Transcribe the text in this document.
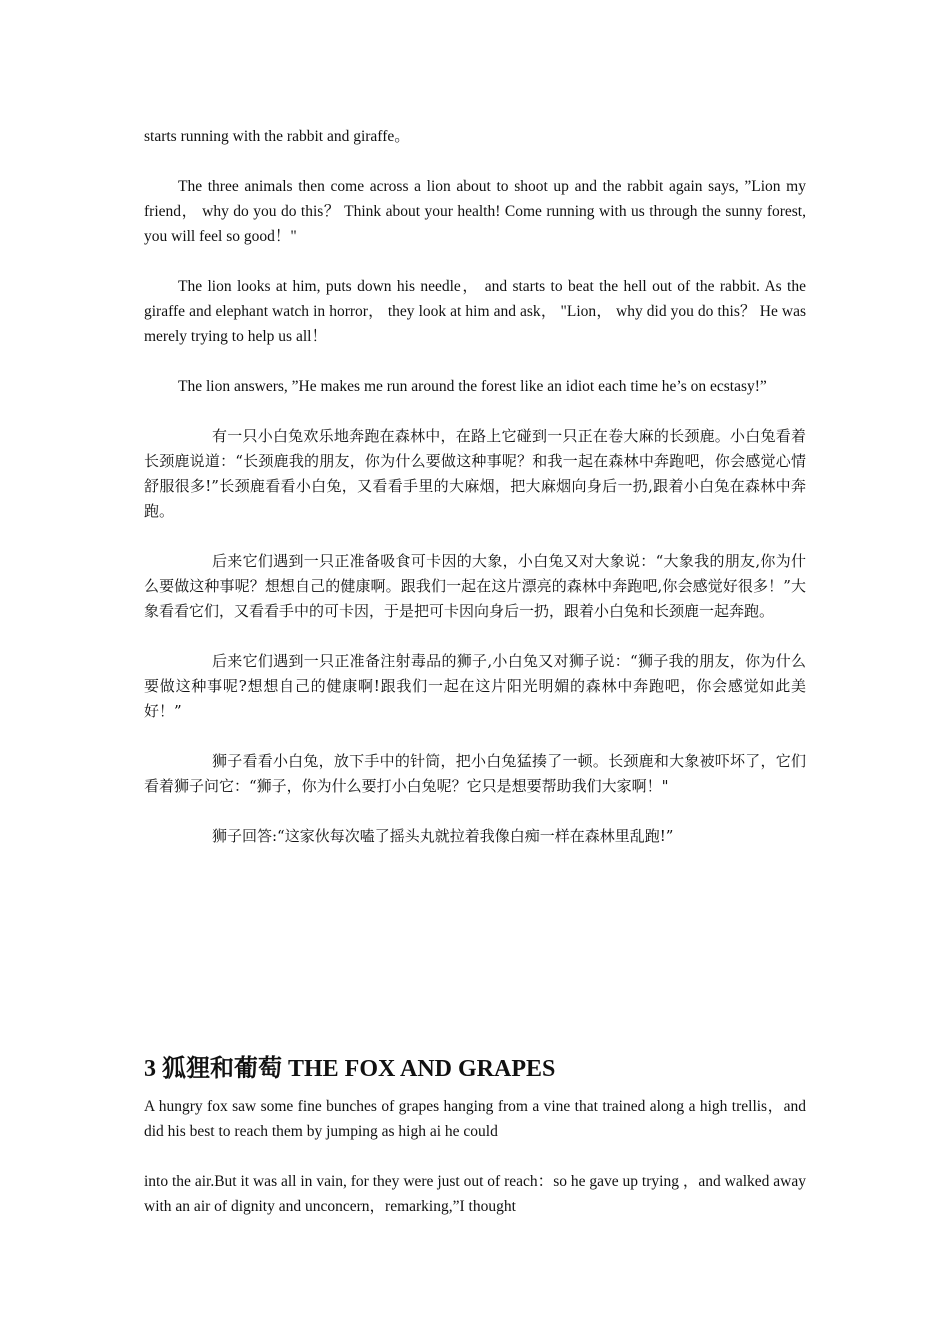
starts running with the rabbit and giraffe。

The three animals then come across a lion about to shoot up and the rabbit again says, ”Lion my friend， why do you do this？ Think about your health! Come running with us through the sunny forest, you will feel so good！"

The lion looks at him, puts down his needle， and starts to beat the hell out of the rabbit. As the giraffe and elephant watch in horror， they look at him and ask， "Lion， why did you do this？ He was merely trying to help us all！

The lion answers, ”He makes me run around the forest like an idiot each time he’s on ecstasy!”

有一只小白兔欢乐地奔跑在森林中，在路上它碰到一只正在卷大麻的长颈鹿。小白兔看着长颈鹿说道：“长颈鹿我的朋友，你为什么要做这种事呢？和我一起在森林中奔跑吧，你会感觉心情舒服很多!”长颈鹿看看小白兔，又看看手里的大麻烟，把大麻烟向身后一扔,跟着小白兔在森林中奔跑。

后来它们遇到一只正准备吸食可卡因的大象，小白兔又对大象说：“大象我的朋友,你为什么要做这种事呢？想想自己的健康啊。跟我们一起在这片漂亮的森林中奔跑吧,你会感觉好很多！”大象看看它们，又看看手中的可卡因，于是把可卡因向身后一扔，跟着小白兔和长颈鹿一起奔跑。

后来它们遇到一只正准备注射毒品的狮子,小白兔又对狮子说：“狮子我的朋友，你为什么要做这种事呢?想想自己的健康啊!跟我们一起在这片阳光明媚的森林中奔跑吧，你会感觉如此美好！”

狮子看看小白兔，放下手中的针筒，把小白兔猛揍了一顿。长颈鹿和大象被吓坏了，它们看着狮子问它：“狮子，你为什么要打小白兔呢？它只是想要帮助我们大家啊！"

狮子回答:“这家伙每次嗑了摇头丸就拉着我像白痴一样在森林里乱跑!”

3 狐狸和葡萄 THE FOX AND GRAPES

A hungry fox saw some fine bunches of grapes hanging from a vine that trained along a high trellis，and did his best to reach them by jumping as high ai he could

into the air.But it was all in vain, for they were just out of reach：so he gave up trying ，and walked away with an air of dignity and unconcern，remarking,”I thought
